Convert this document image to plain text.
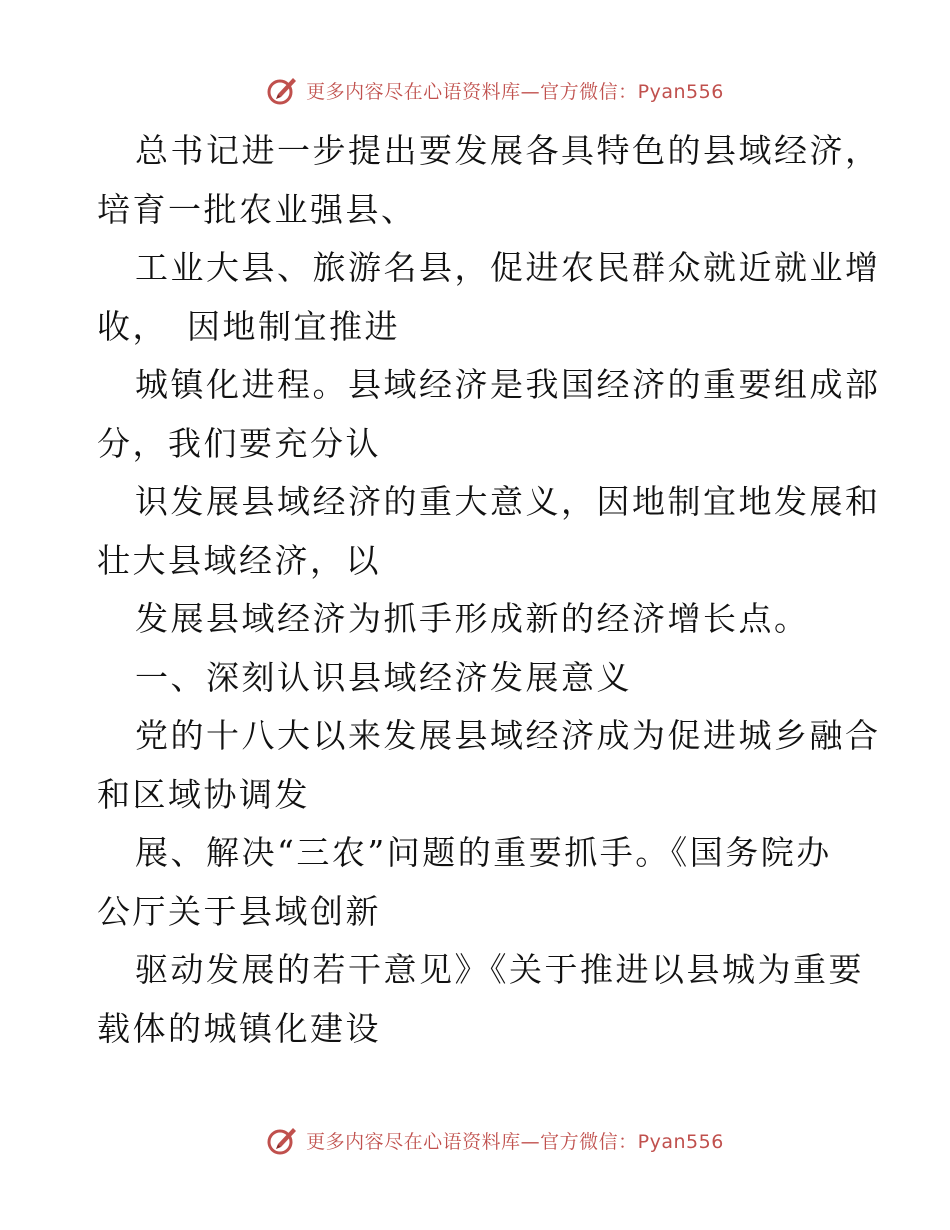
更多内容尽在心语资料库—官方微信：Pyan556
总书记进一步提出要发展各具特色的县域经济，
培育一批农业强县、
工业大县、旅游名县，促进农民群众就近就业增
收，　因地制宜推进
城镇化进程。县域经济是我国经济的重要组成部
分，我们要充分认
识发展县域经济的重大意义，因地制宜地发展和
壮大县域经济，以
发展县域经济为抓手形成新的经济增长点。
一、深刻认识县域经济发展意义
党的十八大以来发展县域经济成为促进城乡融合
和区域协调发
展、解决“三农”问题的重要抓手。《国务院办
公厅关于县域创新
驱动发展的若干意见》《关于推进以县城为重要
载体的城镇化建设
更多内容尽在心语资料库—官方微信：Pyan556
